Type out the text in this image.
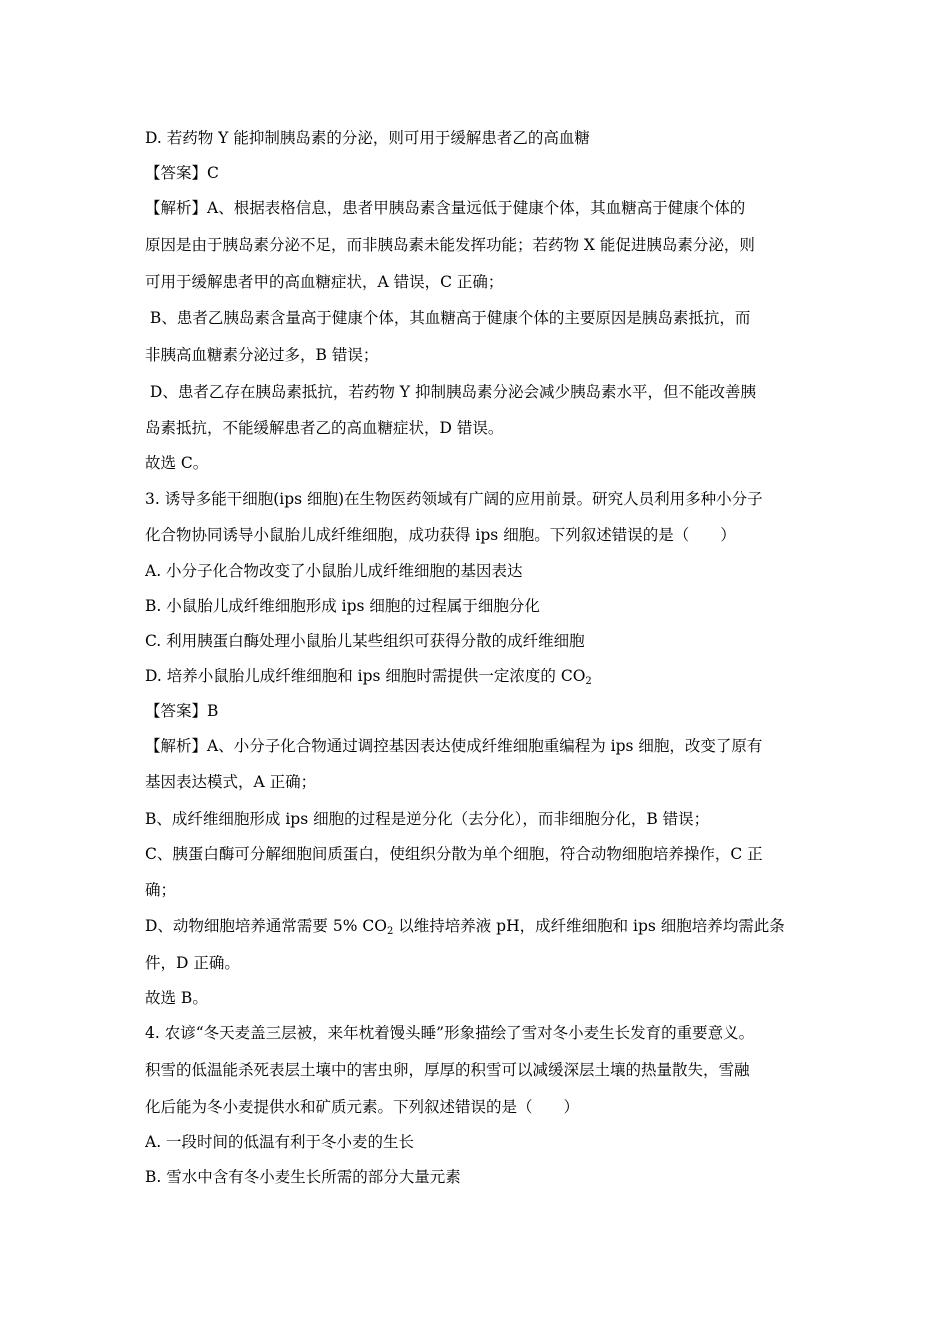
D. 若药物 Y 能抑制胰岛素的分泌，则可用于缓解患者乙的高血糖
【答案】C
【解析】A、根据表格信息，患者甲胰岛素含量远低于健康个体，其血糖高于健康个体的
原因是由于胰岛素分泌不足，而非胰岛素未能发挥功能；若药物 X 能促进胰岛素分泌，则
可用于缓解患者甲的高血糖症状，A 错误，C 正确；
B、患者乙胰岛素含量高于健康个体，其血糖高于健康个体的主要原因是胰岛素抵抗，而
非胰高血糖素分泌过多，B 错误；
D、患者乙存在胰岛素抵抗，若药物 Y 抑制胰岛素分泌会减少胰岛素水平，但不能改善胰
岛素抵抗，不能缓解患者乙的高血糖症状，D 错误。
故选 C。
3. 诱导多能干细胞(ips 细胞)在生物医药领域有广阔的应用前景。研究人员利用多种小分子
化合物协同诱导小鼠胎儿成纤维细胞，成功获得 ips 细胞。下列叙述错误的是（　　）
A. 小分子化合物改变了小鼠胎儿成纤维细胞的基因表达
B. 小鼠胎儿成纤维细胞形成 ips 细胞的过程属于细胞分化
C. 利用胰蛋白酶处理小鼠胎儿某些组织可获得分散的成纤维细胞
D. 培养小鼠胎儿成纤维细胞和 ips 细胞时需提供一定浓度的 $CO_2$
【答案】B
【解析】A、小分子化合物通过调控基因表达使成纤维细胞重编程为 ips 细胞，改变了原有
基因表达模式，A 正确；
B、成纤维细胞形成 ips 细胞的过程是逆分化（去分化），而非细胞分化，B 错误；
C、胰蛋白酶可分解细胞间质蛋白，使组织分散为单个细胞，符合动物细胞培养操作，C 正
确；
D、动物细胞培养通常需要 5% $CO_2$ 以维持培养液 pH，成纤维细胞和 ips 细胞培养均需此条
件，D 正确。
故选 B。
4. 农谚“冬天麦盖三层被，来年枕着馒头睡”形象描绘了雪对冬小麦生长发育的重要意义。
积雪的低温能杀死表层土壤中的害虫卵，厚厚的积雪可以减缓深层土壤的热量散失，雪融
化后能为冬小麦提供水和矿质元素。下列叙述错误的是（　　）
A. 一段时间的低温有利于冬小麦的生长
B. 雪水中含有冬小麦生长所需的部分大量元素
